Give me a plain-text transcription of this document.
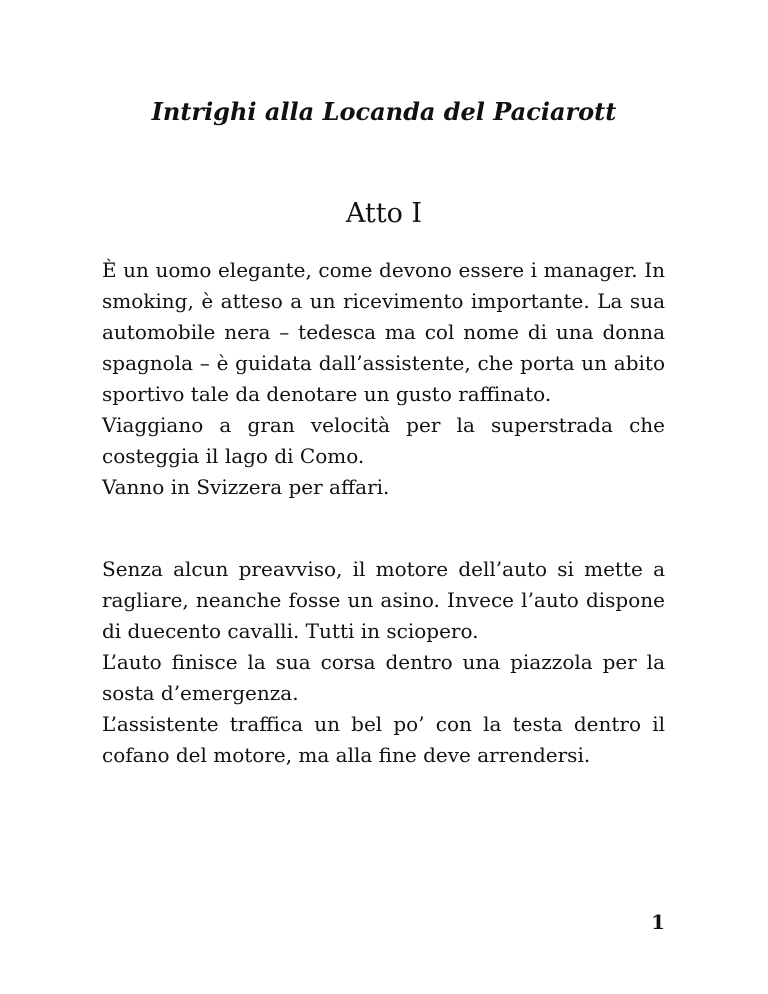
Intrighi alla Locanda del Paciarott
Atto I

È un uomo elegante, come devono essere i manager. In smoking, è atteso a un ricevimento importante. La sua automobile nera – tedesca ma col nome di una donna spagnola – è guidata dall’assistente, che porta un abito sportivo tale da denotare un gusto raffinato.

Viaggiano a gran velocità per la superstrada che costeggia il lago di Como.

Vanno in Svizzera per affari.

Senza alcun preavviso, il motore dell’auto si mette a ragliare, neanche fosse un asino. Invece l’auto dispone di duecento cavalli. Tutti in sciopero.

L’auto finisce la sua corsa dentro una piazzola per la sosta d’emergenza.

L’assistente traffica un bel po’ con la testa dentro il cofano del motore, ma alla fine deve arrendersi.

1
